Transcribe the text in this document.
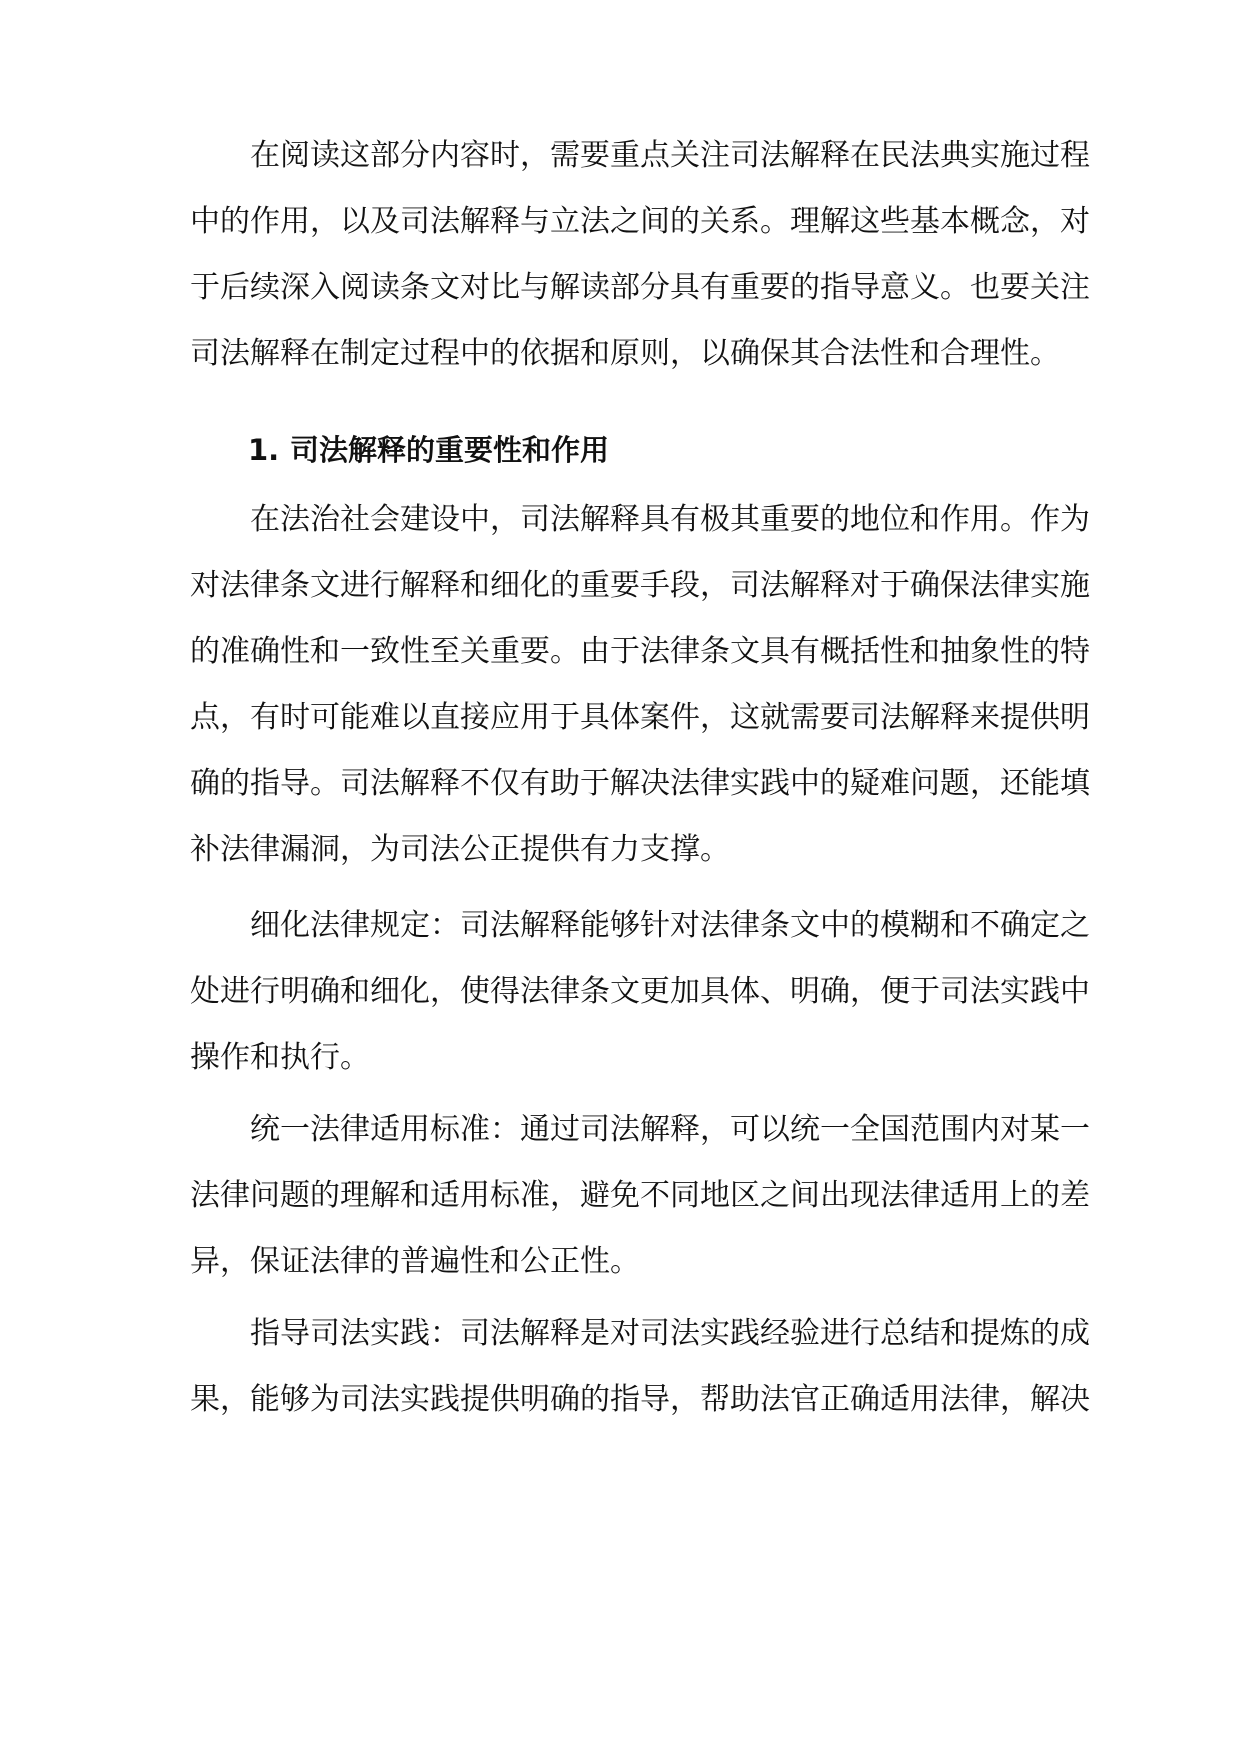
在阅读这部分内容时，需要重点关注司法解释在民法典实施过程
中的作用，以及司法解释与立法之间的关系。理解这些基本概念，对
于后续深入阅读条文对比与解读部分具有重要的指导意义。也要关注
司法解释在制定过程中的依据和原则，以确保其合法性和合理性。
1. 司法解释的重要性和作用
在法治社会建设中，司法解释具有极其重要的地位和作用。作为
对法律条文进行解释和细化的重要手段，司法解释对于确保法律实施
的准确性和一致性至关重要。由于法律条文具有概括性和抽象性的特
点，有时可能难以直接应用于具体案件，这就需要司法解释来提供明
确的指导。司法解释不仅有助于解决法律实践中的疑难问题，还能填
补法律漏洞，为司法公正提供有力支撑。
细化法律规定：司法解释能够针对法律条文中的模糊和不确定之
处进行明确和细化，使得法律条文更加具体、明确，便于司法实践中
操作和执行。
统一法律适用标准：通过司法解释，可以统一全国范围内对某一
法律问题的理解和适用标准，避免不同地区之间出现法律适用上的差
异，保证法律的普遍性和公正性。
指导司法实践：司法解释是对司法实践经验进行总结和提炼的成
果，能够为司法实践提供明确的指导，帮助法官正确适用法律，解决
